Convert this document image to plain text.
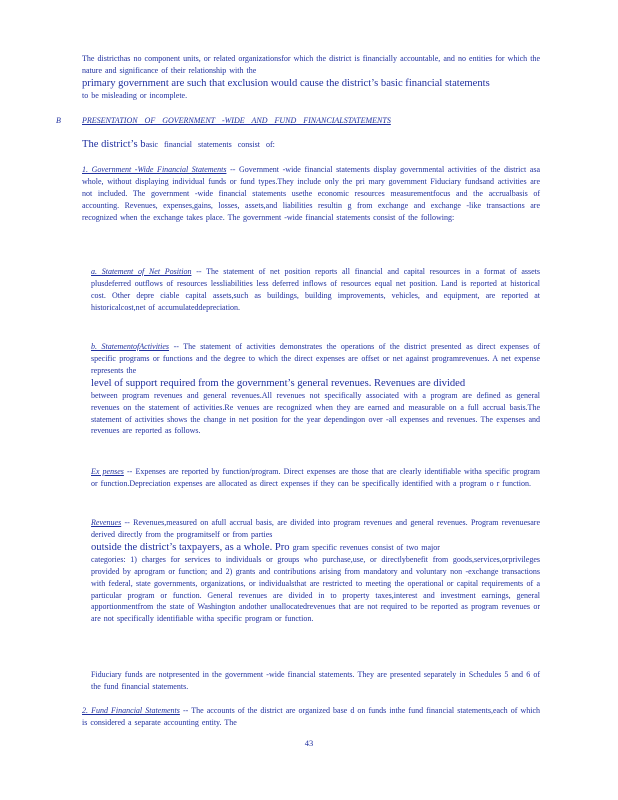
The districthas no component units, or related organizationsfor which the district is financially accountable, and no entities for which the nature and significance of their relationship with the
primary government are such that exclusion would cause the district’s basic financial statements
to be misleading or incomplete.
B	PRESENTATION OF GOVERNMENT -WIDE AND FUND FINANCIALSTATEMENTS
The district’s basic financial statements consist of:
1. Government -Wide Financial Statements -- Government -wide financial statements display governmental activities of the district asa whole, without displaying individual funds or fund types.They include only the pri mary government Fiduciary fundsand activities are not included. The government -wide financial statements usethe economic resources measurementfocus and the accrualbasis of accounting. Revenues, expenses,gains, losses, assets,and liabilities resultin g from exchange and exchange -like transactions are recognized when the exchange takes place. The government -wide financial statements consist of the following:
a. Statement of Net Position -- The statement of net position reports all financial and capital resources in a format of assets plusdeferred outflows of resources lessliabilities less deferred inflows of resources equal net position. Land is reported at historical cost. Other depre ciable capital assets,such as buildings, building improvements, vehicles, and equipment, are reported at historicalcost,net of accumulateddepreciation.
b. StatementofActivities -- The statement of activities demonstrates the operations of the district presented as direct expenses of specific programs or functions and the degree to which the direct expenses are offset or net against programrevenues. A net expense represents the
level of support required from the government’s general revenues. Revenues are divided
between program revenues and general revenues.All revenues not specifically associated with a program are defined as general revenues on the statement of activities.Re venues are recognized when they are earned and measurable on a full accrual basis.The statement of activities shows the change in net position for the year dependingon over -all expenses and revenues. The expenses and revenues are reported as follows.
Ex penses -- Expenses are reported by function/program. Direct expenses are those that are clearly identifiable witha specific program or function.Depreciation expenses are allocated as direct expenses if they can be specifically identified with a program o r function.
Revenues -- Revenues,measured on afull accrual basis, are divided into program revenues and general revenues. Program revenuesare derived directly from the programitself or from parties
outside the district’s taxpayers, as a whole. Pro gram specific revenues consist of two major
categories: 1) charges for services to individuals or groups who purchase,use, or directlybenefit from goods,services,orprivileges provided by aprogram or function; and 2) grants and contributions arising from mandatory and voluntary non -exchange transactions with federal, state governments, organizations, or individualsthat are restricted to meeting the operational or capital requirements of a particular program or function. General revenues are divided in to property taxes,interest and investment earnings, general apportionmentfrom the state of Washington andother unallocatedrevenues that are not required to be reported as program revenues or are not specifically identifiable witha specific program or function.
Fiduciary funds are notpresented in the government -wide financial statements. They are presented separately in Schedules 5 and 6 of the fund financial statements.
2. Fund Financial Statements -- The accounts of the district are organized base d on funds inthe fund financial statements,each of which is considered a separate accounting entity. The
43
